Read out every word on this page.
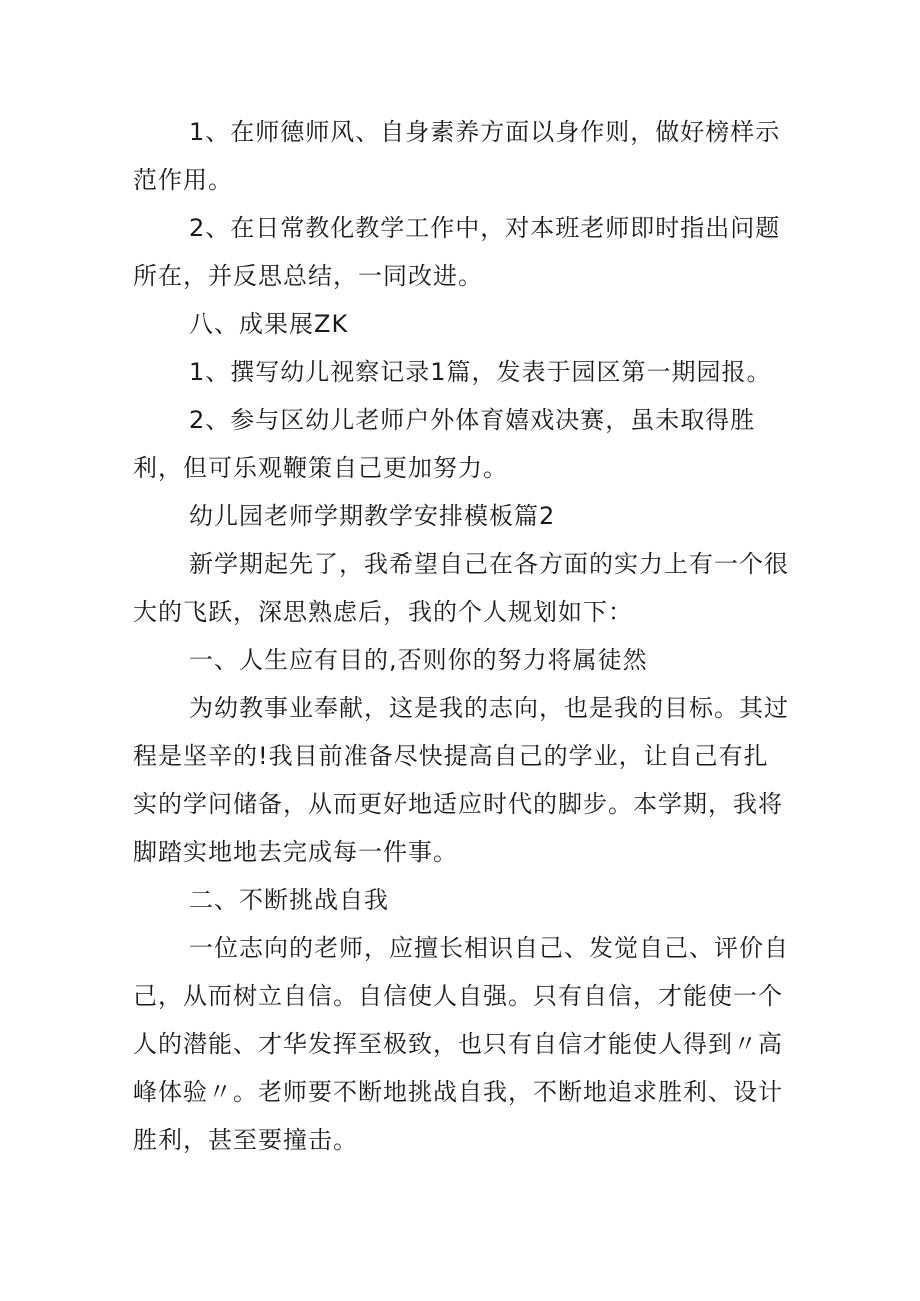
1、在师德师风、自身素养方面以身作则，做好榜样示范作用。

2、在日常教化教学工作中，对本班老师即时指出问题所在，并反思总结，一同改进。

八、成果展ZK

1、撰写幼儿视察记录1篇，发表于园区第一期园报。

2、参与区幼儿老师户外体育嬉戏决赛，虽未取得胜利，但可乐观鞭策自己更加努力。

幼儿园老师学期教学安排模板篇2

新学期起先了，我希望自己在各方面的实力上有一个很大的飞跃，深思熟虑后，我的个人规划如下：

一、人生应有目的,否则你的努力将属徒然

为幼教事业奉献，这是我的志向，也是我的目标。其过程是坚辛的!我目前准备尽快提高自己的学业，让自己有扎实的学问储备，从而更好地适应时代的脚步。本学期，我将脚踏实地地去完成每一件事。

二、不断挑战自我

一位志向的老师，应擅长相识自己、发觉自己、评价自己，从而树立自信。自信使人自强。只有自信，才能使一个人的潜能、才华发挥至极致，也只有自信才能使人得到〃高峰体验〃。老师要不断地挑战自我，不断地追求胜利、设计胜利，甚至要撞击。
